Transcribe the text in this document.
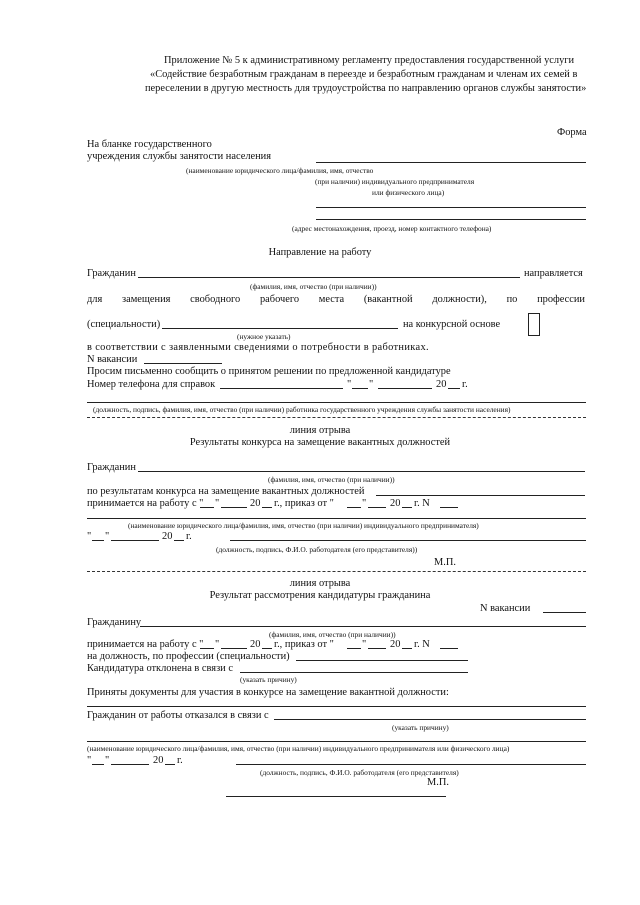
Приложение № 5 к административному регламенту предоставления государственной услуги
«Содействие безработным гражданам в переезде и безработным гражданам и членам их семей в
переселении в другую местность для трудоустройства по направлению органов службы занятости»
Форма
На бланке государственного
учреждения службы занятости населения
(наименование юридического лица/фамилия, имя, отчество
(при наличии) индивидуального предпринимателя
или физического лица)
(адрес местонахождения, проезд, номер контактного телефона)
Направление на работу
Гражданин	направляется
(фамилия, имя, отчество (при наличии))
для замещения свободного рабочего места (вакантной должности), по профессии
(специальности)	на конкурсной основе
(нужное указать)
в соответствии с заявленными сведениями о потребности в работниках.
N вакансии
Просим письменно сообщить о принятом решении по предложенной кандидатуре
Номер телефона для справок	" "	20 г.
(должность, подпись, фамилия, имя, отчество (при наличии) работника государственного учреждения службы занятости населения)
линия отрыва
Результаты конкурса на замещение вакантных должностей
Гражданин
(фамилия, имя, отчество (при наличии))
по результатам конкурса на замещение вакантных должностей
принимается на работу с " "	20 г., приказ от "	" 20 г. N
(наименование юридического лица/фамилия, имя, отчество (при наличии) индивидуального предпринимателя)
" "	20 г.
(должность, подпись, Ф.И.О. работодателя (его представителя))
М.П.
линия отрыва
Результат рассмотрения кандидатуры гражданина
N вакансии
Гражданину
(фамилия, имя, отчество (при наличии))
принимается на работу с " "	20 г., приказ от "	" 20 г. N
на должность, по профессии (специальности)
Кандидатура отклонена в связи с
(указать причину)
Приняты документы для участия в конкурсе на замещение вакантной должности:
Гражданин от работы отказался в связи с
(указать причину)
(наименование юридического лица/фамилия, имя, отчество (при наличии) индивидуального предпринимателя или физического лица)
" "	20 г.
(должность, подпись, Ф.И.О. работодателя (его представителя)
М.П.
